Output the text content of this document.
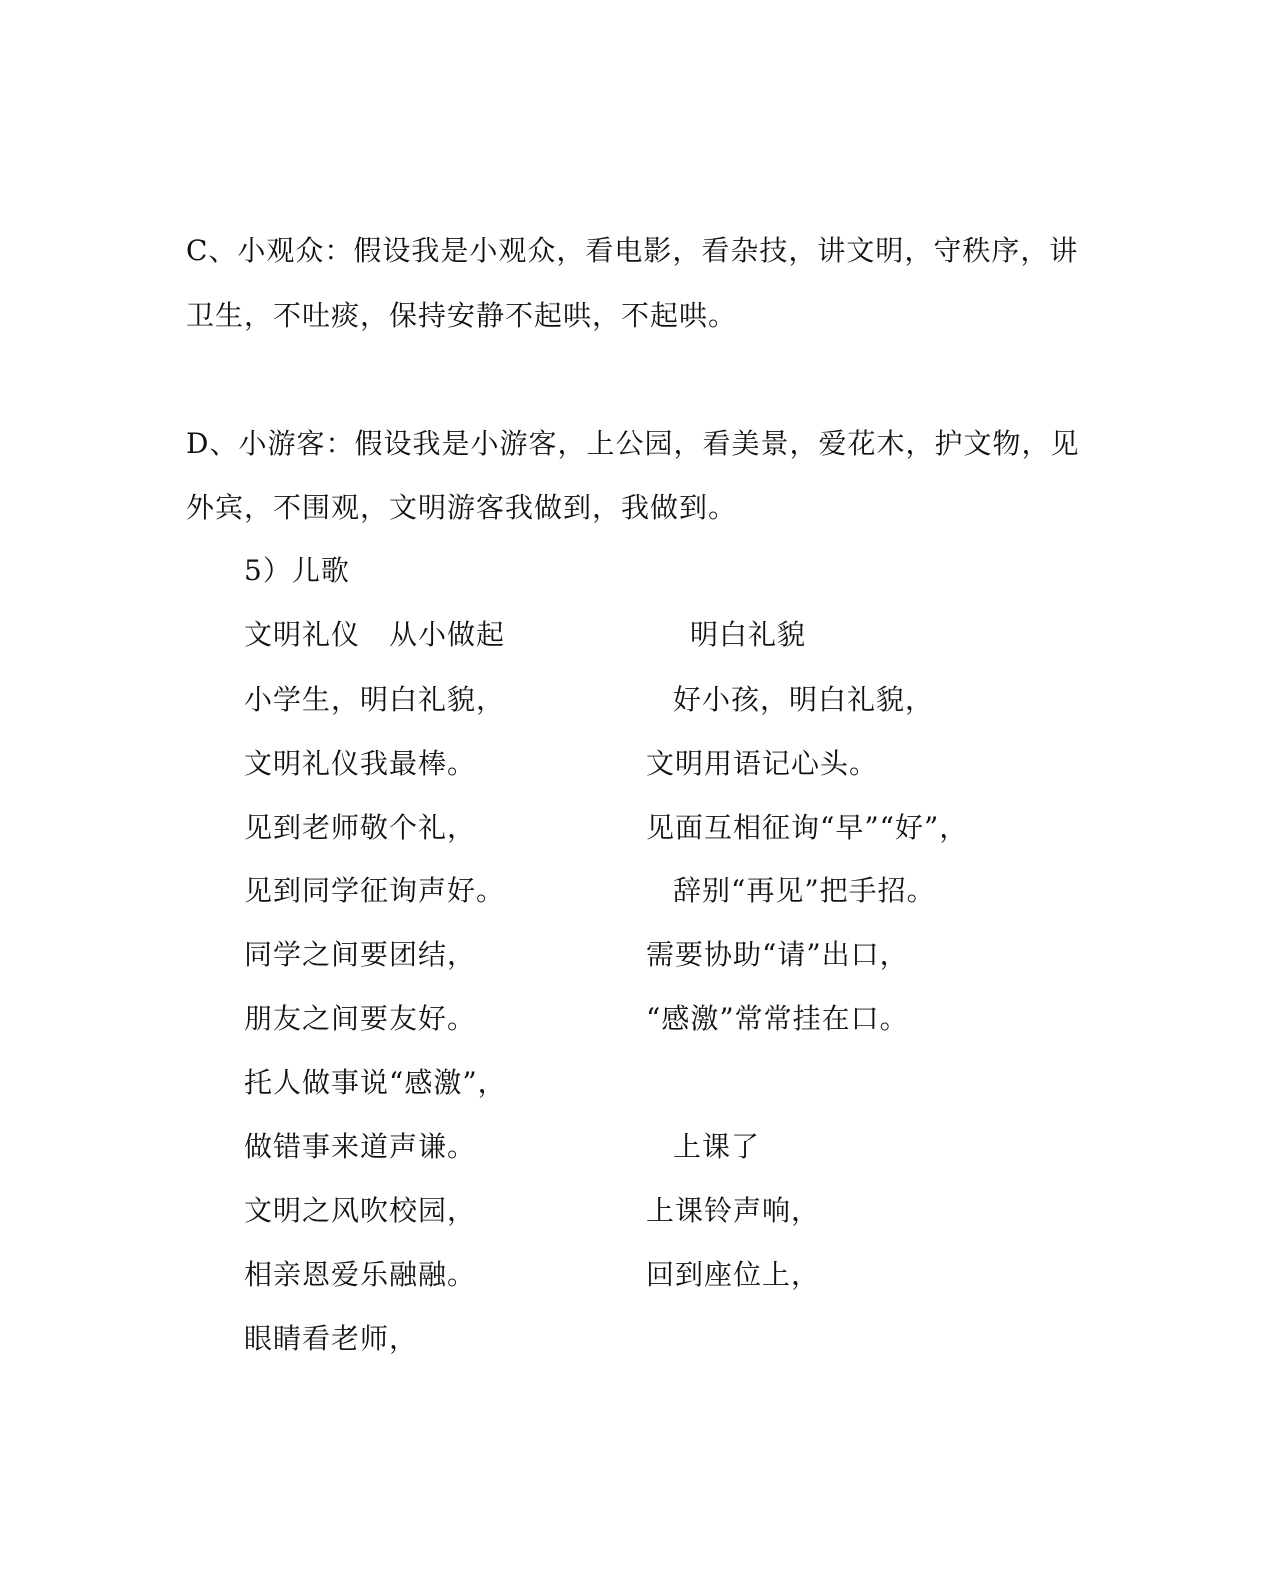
C、小观众：假设我是小观众，看电影，看杂技，讲文明，守秩序，讲
卫生，不吐痰，保持安静不起哄，不起哄。
D、小游客：假设我是小游客，上公园，看美景，爱花木，护文物，见
外宾，不围观，文明游客我做到，我做到。
5）儿歌
文明礼仪　从小做起
小学生，明白礼貌，
文明礼仪我最棒。
见到老师敬个礼，
见到同学征询声好。
同学之间要团结，
朋友之间要友好。
托人做事说“感激”，
做错事来道声谦。
文明之风吹校园，
相亲恩爱乐融融。
眼睛看老师，
明白礼貌
好小孩，明白礼貌，
文明用语记心头。
见面互相征询“早”“好”，
辞别“再见”把手招。
需要协助“请”出口，
“感激”常常挂在口。
上课了
上课铃声响，
回到座位上，
